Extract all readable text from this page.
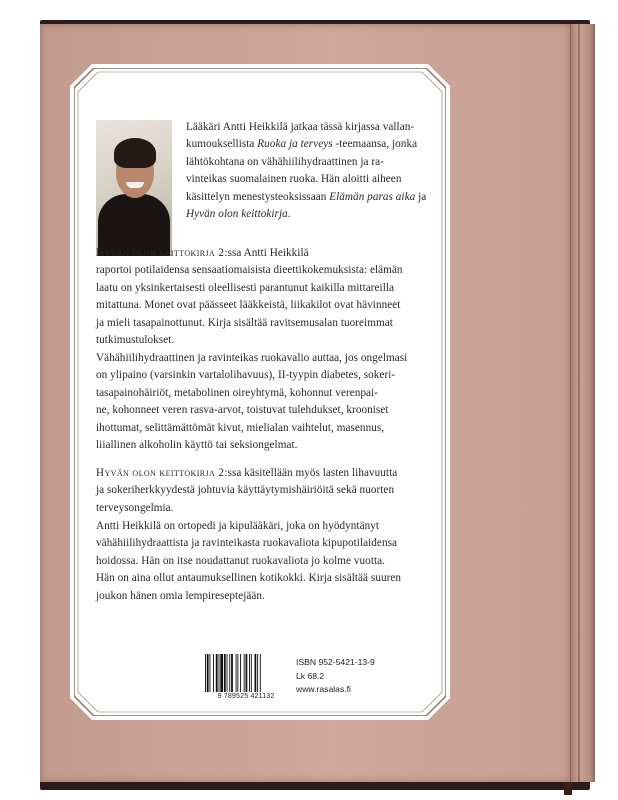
Lääkäri Antti Heikkilä jatkaa tässä kirjassa vallan-

kumouksellista Ruoka ja terveys -teemaansa, jonka

lähtökohtana on vähähiilihydraattinen ja ra-

vinteikas suomalainen ruoka. Hän aloitti aiheen

käsittelyn menestysteoksissaan Elämän paras aika ja

Hyvän olon keittokirja.

Hyvän olon keittokirja 2:ssa Antti Heikkilä

raportoi potilaidensa sensaatiomaisista dieettikokemuksista: elämän

laatu on yksinkertaisesti oleellisesti parantunut kaikilla mittareilla

mitattuna. Monet ovat päässeet lääkkeistä, liikakilot ovat hävinneet

ja mieli tasapainottunut. Kirja sisältää ravitsemusalan tuoreimmat

tutkimustulokset.

Vähähiilihydraattinen ja ravinteikas ruokavalio auttaa, jos ongelmasi

on ylipaino (varsinkin vartalolihavuus), II-tyypin diabetes, sokeri-

tasapainohäiriöt, metabolinen oireyhtymä, kohonnut verenpai-

ne, kohonneet veren rasva-arvot, toistuvat tulehdukset, krooniset

ihottumat, selittämättömät kivut, mielialan vaihtelut, masennus,

liiallinen alkoholin käyttö tai seksiongelmat.

Hyvän olon keittokirja 2:ssa käsitellään myös lasten lihavuutta

ja sokeriherkkyydestä johtuvia käyttäytymishäiriöitä sekä nuorten

terveysongelmia.

Antti Heikkilä on ortopedi ja kipulääkäri, joka on hyödyntänyt

vähähiilihydraattista ja ravinteikasta ruokavaliota kipupotilaidensa

hoidossa. Hän on itse noudattanut ruokavaliota jo kolme vuotta.

Hän on aina ollut antaumuksellinen kotikokki. Kirja sisältää suuren

joukon hänen omia lempireseptejään.

9 789525 421132
ISBN 952-5421-13-9
Lk 68.2
www.rasalas.fi
